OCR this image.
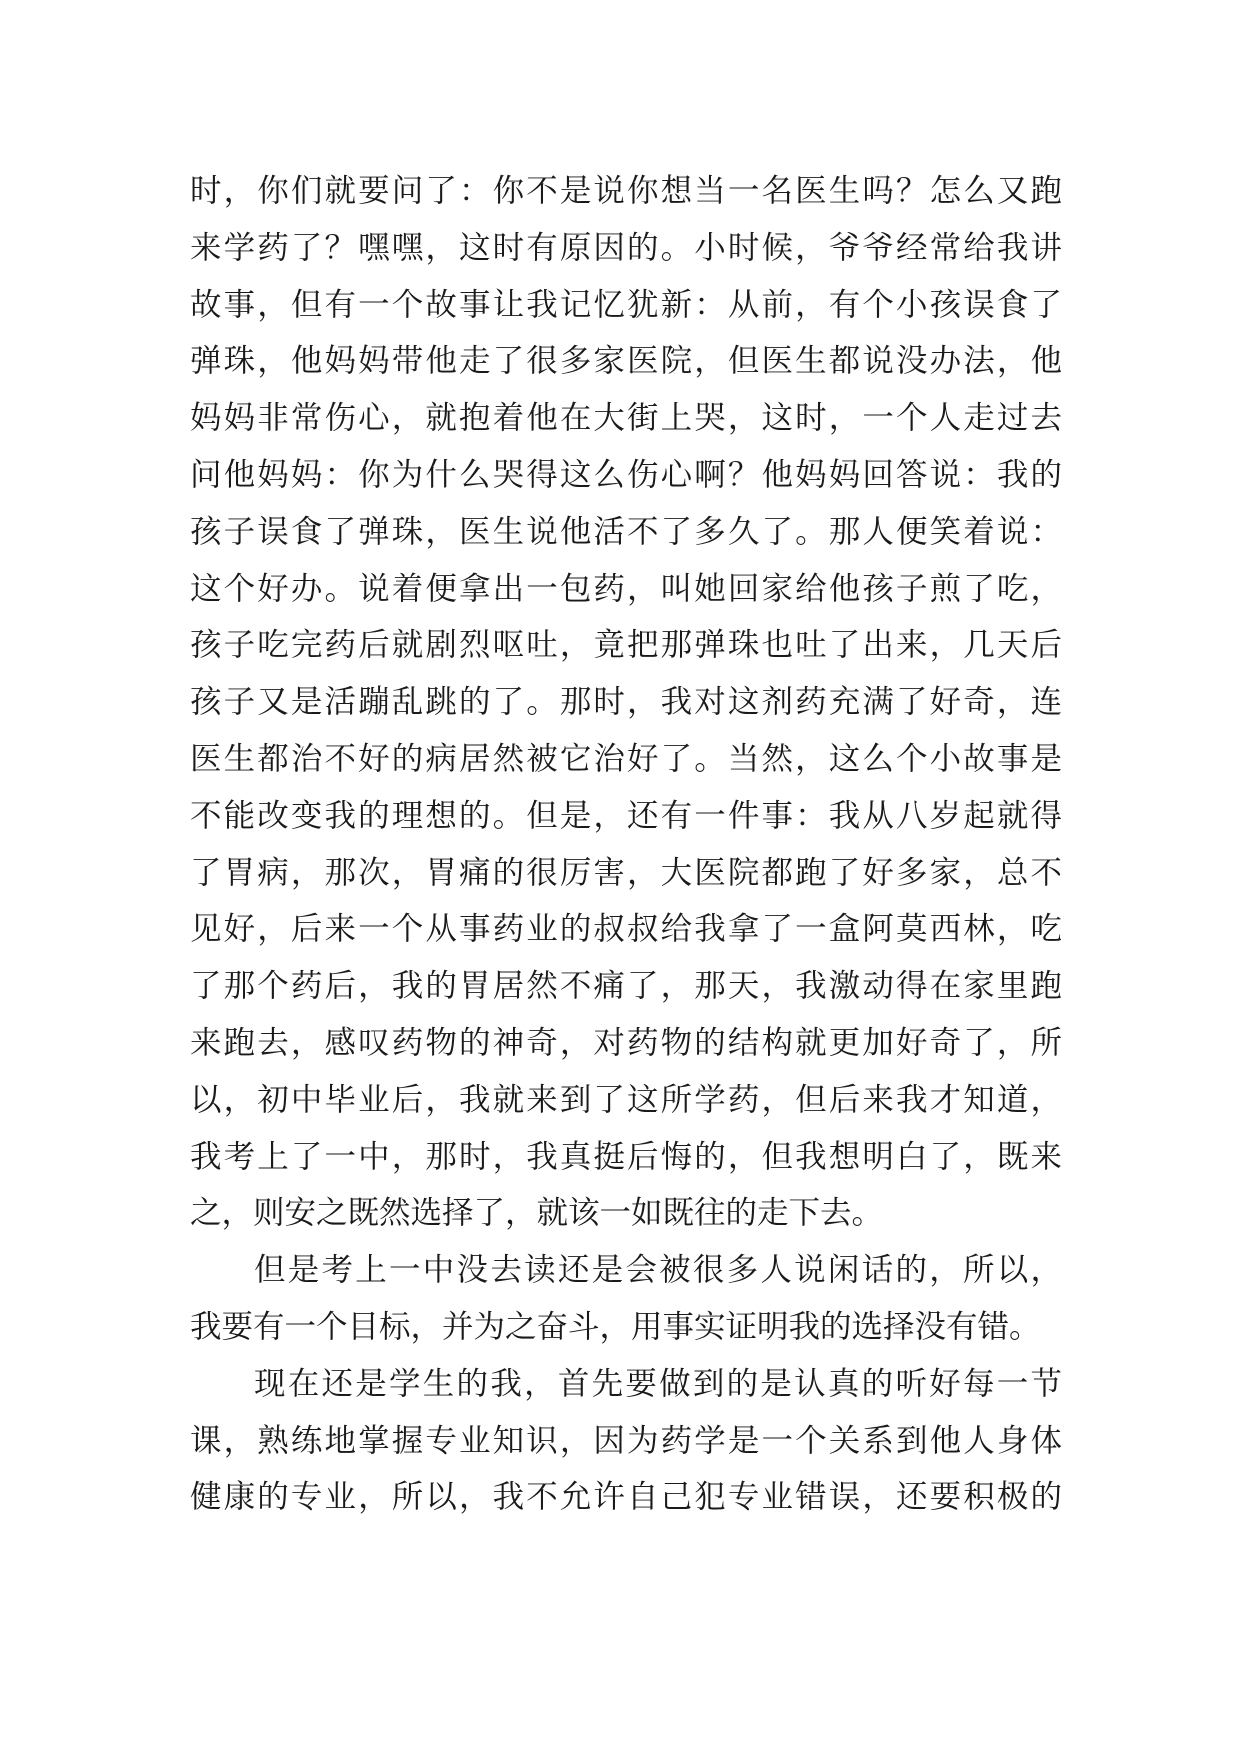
时，你们就要问了：你不是说你想当一名医生吗？怎么又跑
来学药了？嘿嘿，这时有原因的。小时候，爷爷经常给我讲
故事，但有一个故事让我记忆犹新：从前，有个小孩误食了
弹珠，他妈妈带他走了很多家医院，但医生都说没办法，他
妈妈非常伤心，就抱着他在大街上哭，这时，一个人走过去
问他妈妈：你为什么哭得这么伤心啊？他妈妈回答说：我的
孩子误食了弹珠，医生说他活不了多久了。那人便笑着说：
这个好办。说着便拿出一包药，叫她回家给他孩子煎了吃，
孩子吃完药后就剧烈呕吐，竟把那弹珠也吐了出来，几天后
孩子又是活蹦乱跳的了。那时，我对这剂药充满了好奇，连
医生都治不好的病居然被它治好了。当然，这么个小故事是
不能改变我的理想的。但是，还有一件事：我从八岁起就得
了胃病，那次，胃痛的很厉害，大医院都跑了好多家，总不
见好，后来一个从事药业的叔叔给我拿了一盒阿莫西林，吃
了那个药后，我的胃居然不痛了，那天，我激动得在家里跑
来跑去，感叹药物的神奇，对药物的结构就更加好奇了，所
以，初中毕业后，我就来到了这所学药，但后来我才知道，
我考上了一中，那时，我真挺后悔的，但我想明白了，既来
之，则安之既然选择了，就该一如既往的走下去。
但是考上一中没去读还是会被很多人说闲话的，所以，
我要有一个目标，并为之奋斗，用事实证明我的选择没有错。
现在还是学生的我，首先要做到的是认真的听好每一节
课，熟练地掌握专业知识，因为药学是一个关系到他人身体
健康的专业，所以，我不允许自己犯专业错误，还要积极的
